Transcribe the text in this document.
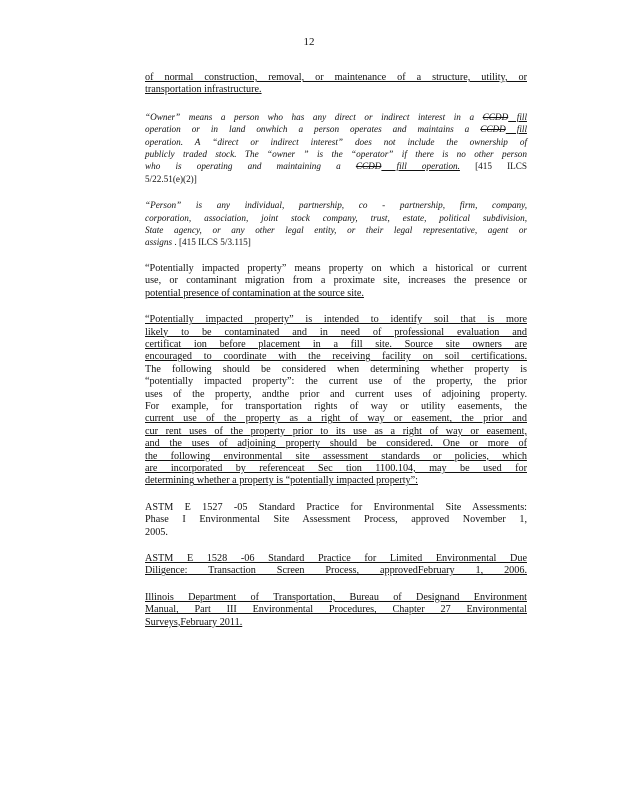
12
of normal construction, removal, or maintenance of a structure, utility, or
transportation infrastructure.
“Owner” means a person who has any direct or indirect interest in a CCDD fill
operation or in land onwhich a person operates and maintains a CCDD fill
operation. A “direct or indirect interest” does not include the ownership of
publicly traded stock. The “owner ” is the “operator” if there is no other person
who is operating and maintaining a CCDD fill operation. [415 ILCS
5/22.51(e)(2)]
“Person” is any individual, partnership, co - partnership, firm, company,
corporation, association, joint stock company, trust, estate, political subdivision,
State agency, or any other legal entity, or their legal representative, agent or
assigns . [415 ILCS 5/3.115]
“Potentially impacted property” means property on which a historical or current
use, or contaminant migration from a proximate site, increases the presence or
potential presence of contamination at the source site.
“Potentially impacted property” is intended to identify soil that is more
likely to be contaminated and in need of professional evaluation and
certificat ion before placement in a fill site. Source site owners are
encouraged to coordinate with the receiving facility on soil certifications.
The following should be considered when determining whether property is
“potentially impacted property”: the current use of the property, the prior
uses of the property, andthe prior and current uses of adjoining property.
For example, for transportation rights of way or utility easements, the
current use of the property as a right of way or easement, the prior and
cur rent uses of the property prior to its use as a right of way or easement,
and the uses of adjoining property should be considered. One or more of
the following environmental site assessment standards or policies, which
are incorporated by referenceat Sec tion 1100.104, may be used for
determining whether a property is “potentially impacted property”:
ASTM E 1527 -05 Standard Practice for Environmental Site Assessments:
Phase I Environmental Site Assessment Process, approved November 1,
2005.
ASTM E 1528 -06 Standard Practice for Limited Environmental Due
Diligence: Transaction Screen Process, approvedFebruary 1, 2006.
Illinois Department of Transportation, Bureau of Designand Environment
Manual, Part III Environmental Procedures, Chapter 27 Environmental
Surveys,February 2011.
